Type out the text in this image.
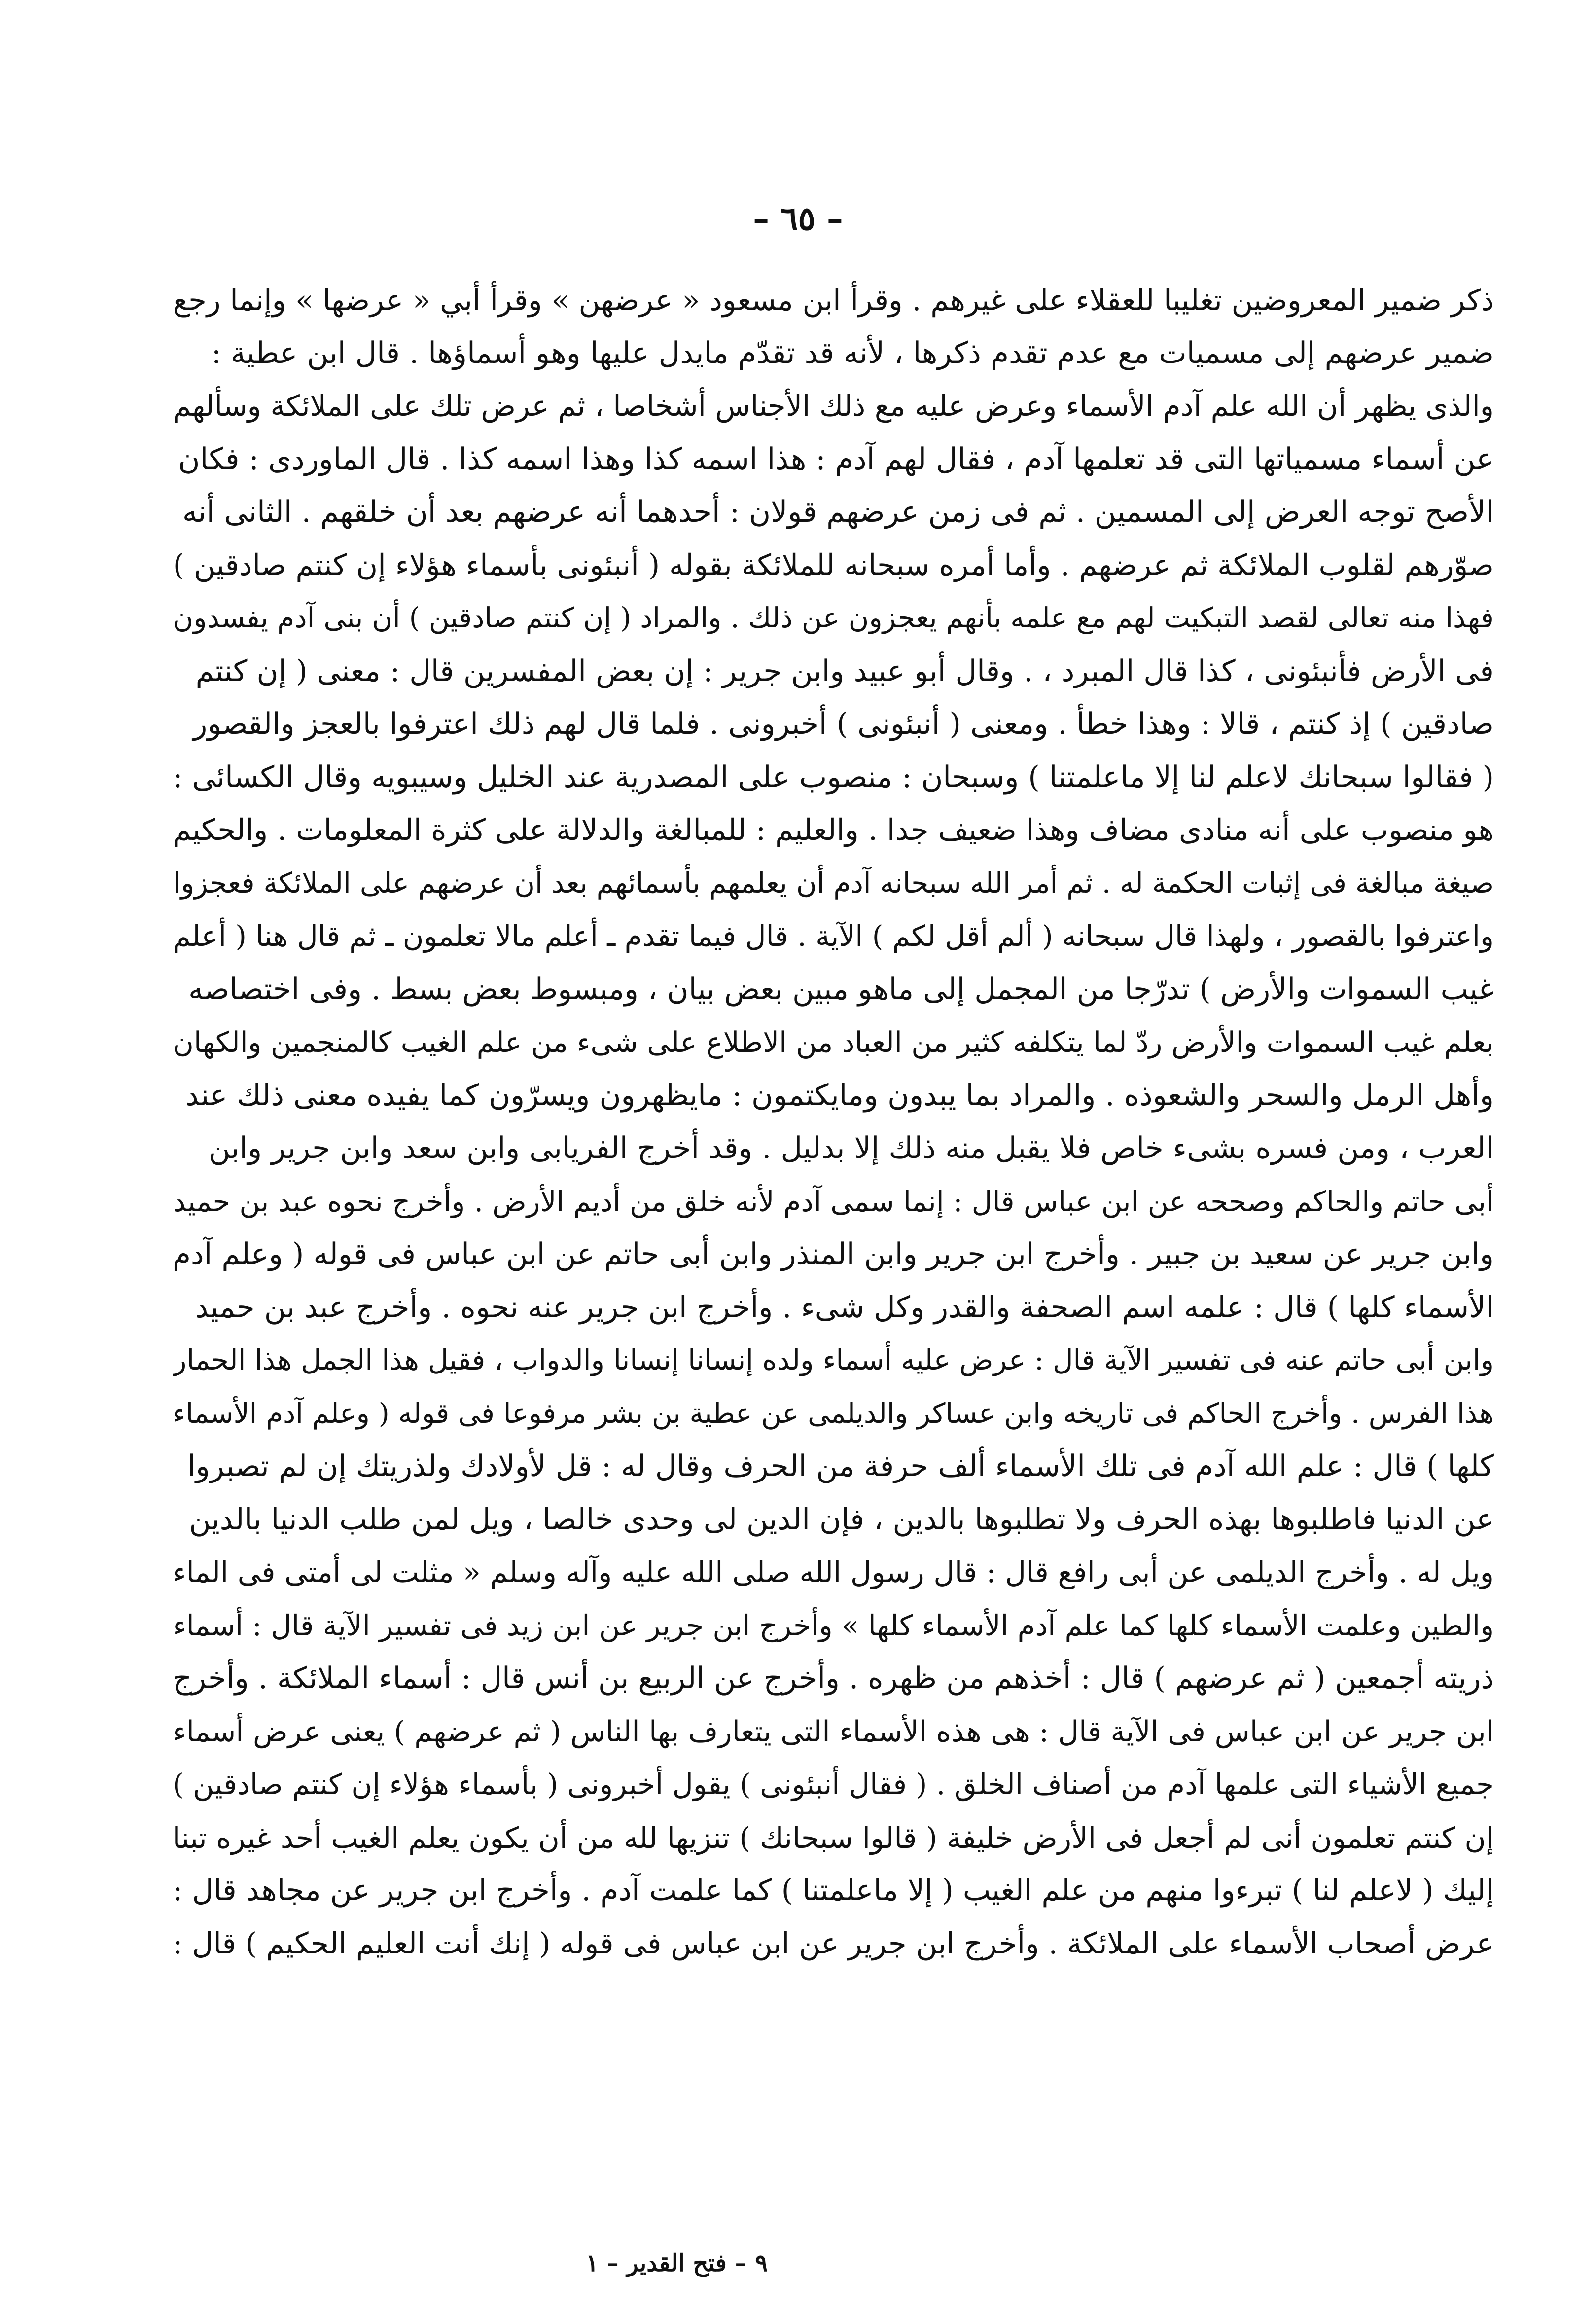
– ٦٥ –
ذكر ضمير المعروضين تغليبا للعقلاء على غيرهم . وقرأ ابن مسعود « عرضهن » وقرأ أبي « عرضها » وإنما رجع
ضمير عرضهم إلى مسميات مع عدم تقدم ذكرها ، لأنه قد تقدّم مايدل عليها وهو أسماؤها . قال ابن عطية :
والذى يظهر أن الله علم آدم الأسماء وعرض عليه مع ذلك الأجناس أشخاصا ، ثم عرض تلك على الملائكة وسألهم
عن أسماء مسمياتها التى قد تعلمها آدم ، فقال لهم آدم : هذا اسمه كذا وهذا اسمه كذا . قال الماوردى : فكان
الأصح توجه العرض إلى المسمين . ثم فى زمن عرضهم قولان : أحدهما أنه عرضهم بعد أن خلقهم . الثانى أنه
صوّرهم لقلوب الملائكة ثم عرضهم . وأما أمره سبحانه للملائكة بقوله ( أنبئونى بأسماء هؤلاء إن كنتم صادقين )
فهذا منه تعالى لقصد التبكيت لهم مع علمه بأنهم يعجزون عن ذلك . والمراد ( إن كنتم صادقين ) أن بنى آدم يفسدون
فى الأرض فأنبئونى ، كذا قال المبرد ، . وقال أبو عبيد وابن جرير : إن بعض المفسرين قال : معنى ( إن كنتم
صادقين ) إذ كنتم ، قالا : وهذا خطأ . ومعنى ( أنبئونى ) أخبرونى . فلما قال لهم ذلك اعترفوا بالعجز والقصور
( فقالوا سبحانك لاعلم لنا إلا ماعلمتنا ) وسبحان : منصوب على المصدرية عند الخليل وسيبويه وقال الكسائى :
هو منصوب على أنه منادى مضاف وهذا ضعيف جدا . والعليم : للمبالغة والدلالة على كثرة المعلومات . والحكيم
صيغة مبالغة فى إثبات الحكمة له . ثم أمر الله سبحانه آدم أن يعلمهم بأسمائهم بعد أن عرضهم على الملائكة فعجزوا
واعترفوا بالقصور ، ولهذا قال سبحانه ( ألم أقل لكم ) الآية . قال فيما تقدم ـ أعلم مالا تعلمون ـ ثم قال هنا ( أعلم
غيب السموات والأرض ) تدرّجا من المجمل إلى ماهو مبين بعض بيان ، ومبسوط بعض بسط . وفى اختصاصه
بعلم غيب السموات والأرض ردّ لما يتكلفه كثير من العباد من الاطلاع على شىء من علم الغيب كالمنجمين والكهان
وأهل الرمل والسحر والشعوذه . والمراد بما يبدون ومايكتمون : مايظهرون ويسرّون كما يفيده معنى ذلك عند
العرب ، ومن فسره بشىء خاص فلا يقبل منه ذلك إلا بدليل . وقد أخرج الفريابى وابن سعد وابن جرير وابن
أبى حاتم والحاكم وصححه عن ابن عباس قال : إنما سمى آدم لأنه خلق من أديم الأرض . وأخرج نحوه عبد بن حميد
وابن جرير عن سعيد بن جبير . وأخرج ابن جرير وابن المنذر وابن أبى حاتم عن ابن عباس فى قوله ( وعلم آدم
الأسماء كلها ) قال : علمه اسم الصحفة والقدر وكل شىء . وأخرج ابن جرير عنه نحوه . وأخرج عبد بن حميد
وابن أبى حاتم عنه فى تفسير الآية قال : عرض عليه أسماء ولده إنسانا إنسانا والدواب ، فقيل هذا الجمل هذا الحمار
هذا الفرس . وأخرج الحاكم فى تاريخه وابن عساكر والديلمى عن عطية بن بشر مرفوعا فى قوله ( وعلم آدم الأسماء
كلها ) قال : علم الله آدم فى تلك الأسماء ألف حرفة من الحرف وقال له : قل لأولادك ولذريتك إن لم تصبروا
عن الدنيا فاطلبوها بهذه الحرف ولا تطلبوها بالدين ، فإن الدين لى وحدى خالصا ، ويل لمن طلب الدنيا بالدين
ويل له . وأخرج الديلمى عن أبى رافع قال : قال رسول الله صلى الله عليه وآله وسلم « مثلت لى أمتى فى الماء
والطين وعلمت الأسماء كلها كما علم آدم الأسماء كلها » وأخرج ابن جرير عن ابن زيد فى تفسير الآية قال : أسماء
ذريته أجمعين ( ثم عرضهم ) قال : أخذهم من ظهره . وأخرج عن الربيع بن أنس قال : أسماء الملائكة . وأخرج
ابن جرير عن ابن عباس فى الآية قال : هى هذه الأسماء التى يتعارف بها الناس ( ثم عرضهم ) يعنى عرض أسماء
جميع الأشياء التى علمها آدم من أصناف الخلق . ( فقال أنبئونى ) يقول أخبرونى ( بأسماء هؤلاء إن كنتم صادقين )
إن كنتم تعلمون أنى لم أجعل فى الأرض خليفة ( قالوا سبحانك ) تنزيها لله من أن يكون يعلم الغيب أحد غيره تبنا
إليك ( لاعلم لنا ) تبرءوا منهم من علم الغيب ( إلا ماعلمتنا ) كما علمت آدم . وأخرج ابن جرير عن مجاهد قال :
عرض أصحاب الأسماء على الملائكة . وأخرج ابن جرير عن ابن عباس فى قوله ( إنك أنت العليم الحكيم ) قال :
٩ – فتح القدير – ١
